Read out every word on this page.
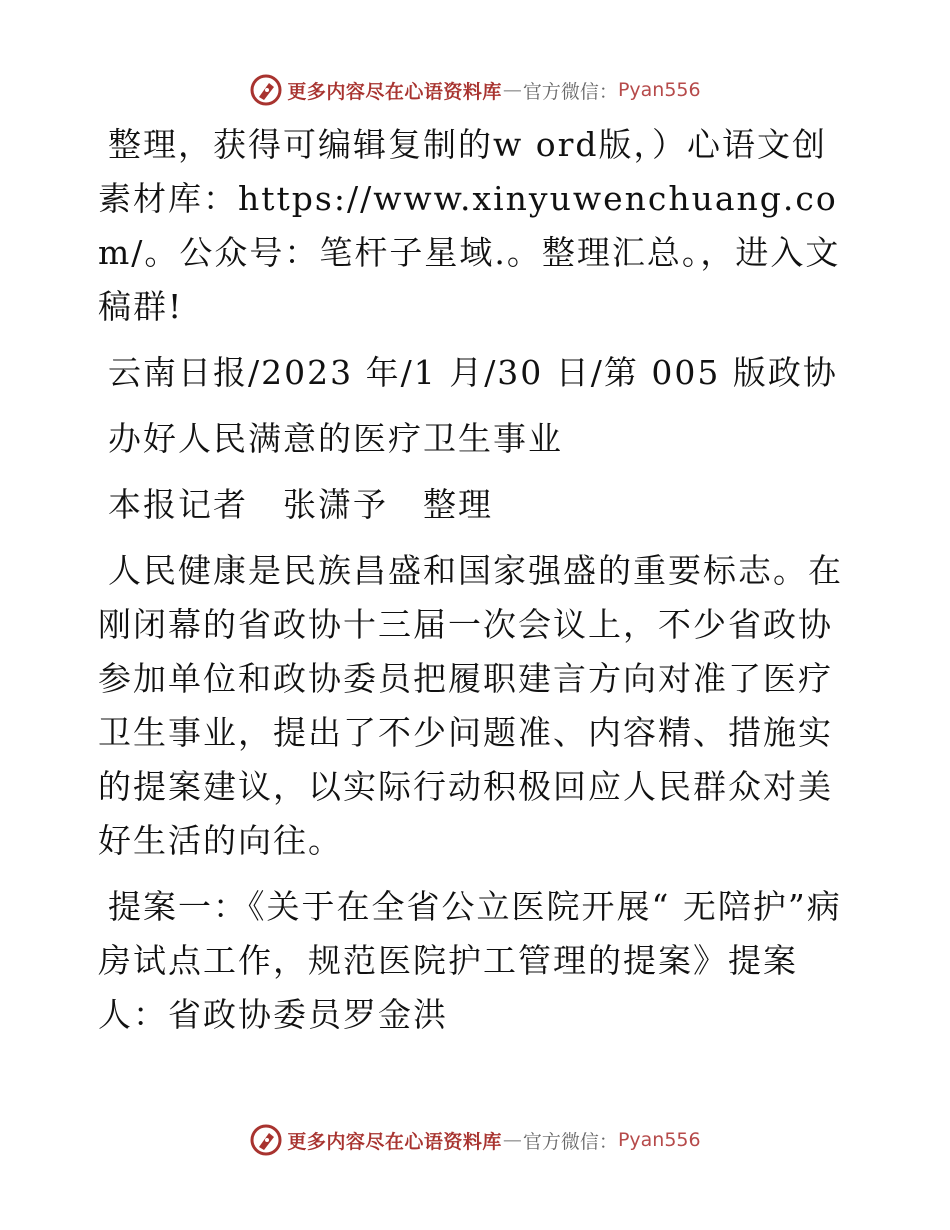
更多内容尽在心语资料库 — 官方微信： Pyan556

整理，获得可编辑复制的w ord版，）心语文创素材库：https://www.xinyuwenchuang.com/。公众号：笔杆子星域.。整理汇总。，进入文稿群!

云南日报/2023 年/1 月/30 日/第 005 版政协

办好人民满意的医疗卫生事业

本报记者　张潇予　整理

人民健康是民族昌盛和国家强盛的重要标志。在刚闭幕的省政协十三届一次会议上，不少省政协参加单位和政协委员把履职建言方向对准了医疗卫生事业，提出了不少问题准、内容精、措施实的提案建议，以实际行动积极回应人民群众对美好生活的向往。

提案一：《关于在全省公立医院开展“ 无陪护”病房试点工作，规范医院护工管理的提案》提案人：省政协委员罗金洪

更多内容尽在心语资料库 — 官方微信： Pyan556
